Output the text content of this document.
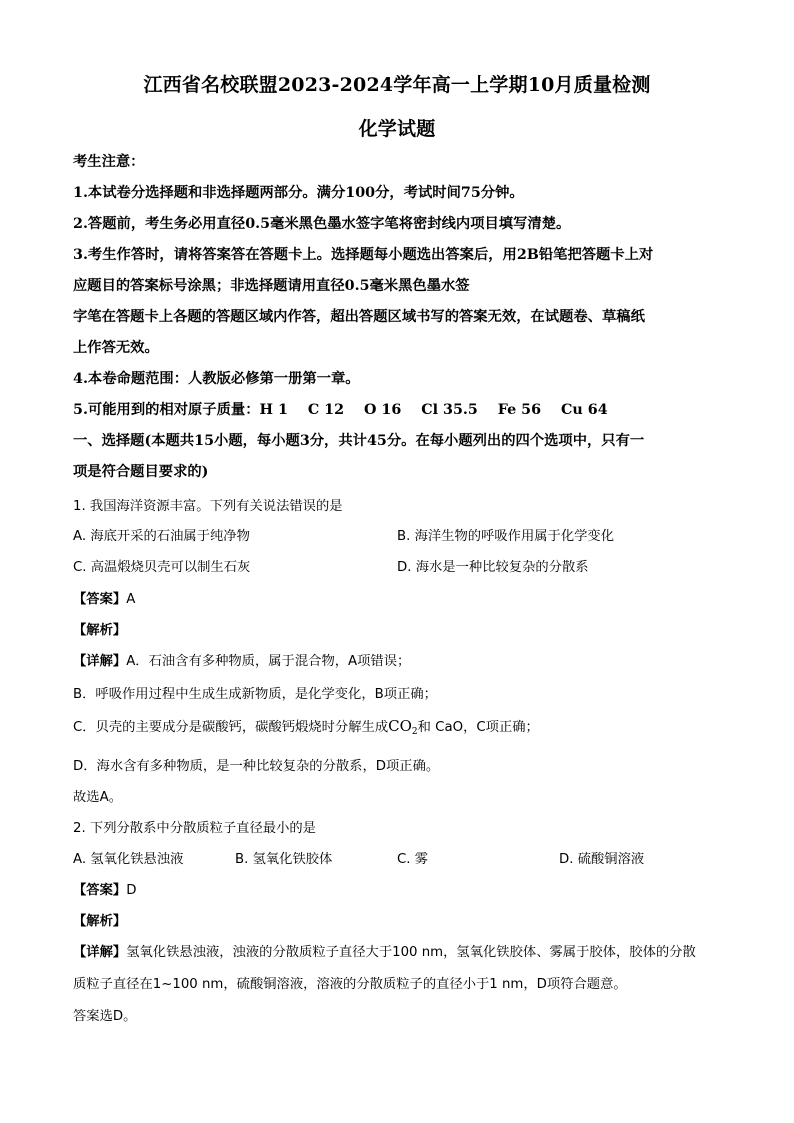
江西省名校联盟2023-2024学年高一上学期10月质量检测
化学试题
考生注意：
1.本试卷分选择题和非选择题两部分。满分100分，考试时间75分钟。
2.答题前，考生务必用直径0.5毫米黑色墨水签字笔将密封线内项目填写清楚。
3.考生作答时，请将答案答在答题卡上。选择题每小题选出答案后，用2B铅笔把答题卡上对
应题目的答案标号涂黑；非选择题请用直径0.5毫米黑色墨水签
字笔在答题卡上各题的答题区域内作答，超出答题区域书写的答案无效，在试题卷、草稿纸
上作答无效。
4.本卷命题范围：人教版必修第一册第一章。
5.可能用到的相对原子质量：H 1    C 12    O 16    Cl 35.5    Fe 56    Cu 64
一、选择题(本题共15小题，每小题3分，共计45分。在每小题列出的四个选项中，只有一
项是符合题目要求的)
1. 我国海洋资源丰富。下列有关说法错误的是
A. 海底开采的石油属于纯净物	B. 海洋生物的呼吸作用属于化学变化
C. 高温煅烧贝壳可以制生石灰	D. 海水是一种比较复杂的分散系
【答案】A
【解析】
【详解】A．石油含有多种物质，属于混合物，A项错误；
B．呼吸作用过程中生成生成新物质，是化学变化，B项正确；
C．贝壳的主要成分是碳酸钙，碳酸钙煅烧时分解生成$CO_2$和 CaO，C项正确；
D．海水含有多种物质，是一种比较复杂的分散系，D项正确。
故选A。
2. 下列分散系中分散质粒子直径最小的是
A. 氢氧化铁悬浊液	B. 氢氧化铁胶体	C. 雾	D. 硫酸铜溶液
【答案】D
【解析】
【详解】氢氧化铁悬浊液，浊液的分散质粒子直径大于100 nm，氢氧化铁胶体、雾属于胶体，胶体的分散
质粒子直径在1~100 nm，硫酸铜溶液，溶液的分散质粒子的直径小于1 nm，D项符合题意。
答案选D。
